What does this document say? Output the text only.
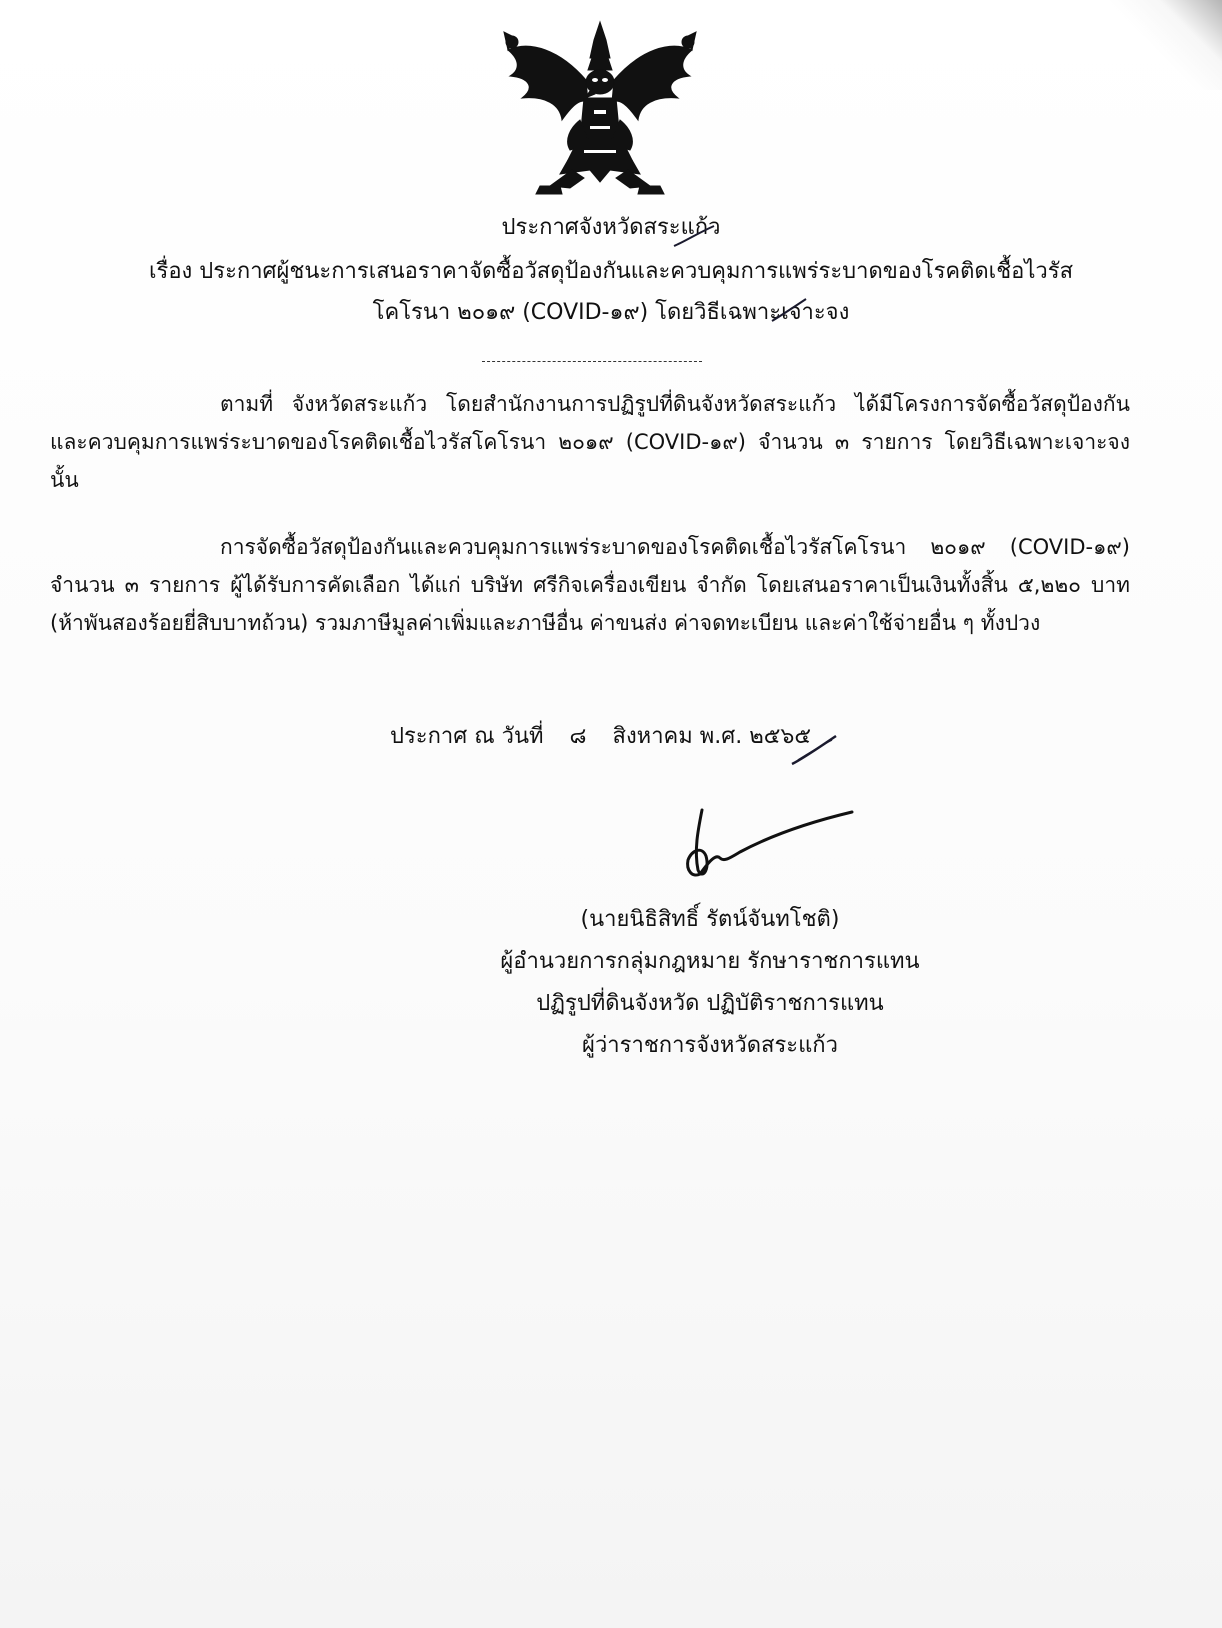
ประกาศจังหวัดสระแก้ว
เรื่อง ประกาศผู้ชนะการเสนอราคาจัดซื้อวัสดุป้องกันและควบคุมการแพร่ระบาดของโรคติดเชื้อไวรัส
โคโรนา ๒๐๑๙ (COVID-๑๙) โดยวิธีเฉพาะเจาะจง
ตามที่ จังหวัดสระแก้ว โดยสำนักงานการปฏิรูปที่ดินจังหวัดสระแก้ว ได้มีโครงการจัดซื้อวัสดุป้องกันและควบคุมการแพร่ระบาดของโรคติดเชื้อไวรัสโคโรนา ๒๐๑๙ (COVID-๑๙) จำนวน ๓ รายการ โดยวิธีเฉพาะเจาะจง นั้น
การจัดซื้อวัสดุป้องกันและควบคุมการแพร่ระบาดของโรคติดเชื้อไวรัสโคโรนา ๒๐๑๙ (COVID-๑๙) จำนวน ๓ รายการ ผู้ได้รับการคัดเลือก ได้แก่ บริษัท ศรีกิจเครื่องเขียน จำกัด โดยเสนอราคาเป็นเงินทั้งสิ้น ๕,๒๒๐ บาท (ห้าพันสองร้อยยี่สิบบาทถ้วน) รวมภาษีมูลค่าเพิ่มและภาษีอื่น ค่าขนส่ง ค่าจดทะเบียน และค่าใช้จ่ายอื่น ๆ ทั้งปวง
ประกาศ ณ วันที่ ๘ สิงหาคม พ.ศ. ๒๕๖๕
(นายนิธิสิทธิ์ รัตน์จันทโชติ)
ผู้อำนวยการกลุ่มกฎหมาย รักษาราชการแทน
ปฏิรูปที่ดินจังหวัด ปฏิบัติราชการแทน
ผู้ว่าราชการจังหวัดสระแก้ว
